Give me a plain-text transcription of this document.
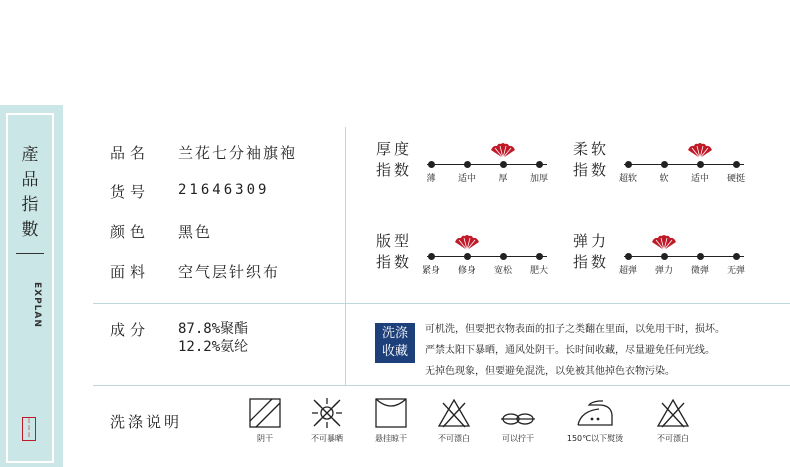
產
品
指
數
EXPLAN
▯
▯
▯
品名 兰花七分袖旗袍
货号 21646309
颜色 黑色
面料 空气层针织布
厚度
指数 薄 适中 厚 加厚
柔软
指数 超软 软 适中 硬挺
版型
指数 紧身 修身 宽松 肥大
弹力
指数 超弹 弹力 微弹 无弹
成分 87.8%聚酯
12.2%氨纶
洗涤
收藏
可机洗，但要把衣物表面的扣子之类翻在里面，以免用干时，损坏。
严禁太阳下暴晒，通风处阴干。长时间收藏，尽量避免任何光线。
无掉色现象，但要避免混洗，以免被其他掉色衣物污染。
洗涤说明
阴干	不可暴晒	悬挂晾干	不可漂白	可以拧干	150℃以下熨烫	不可漂白
